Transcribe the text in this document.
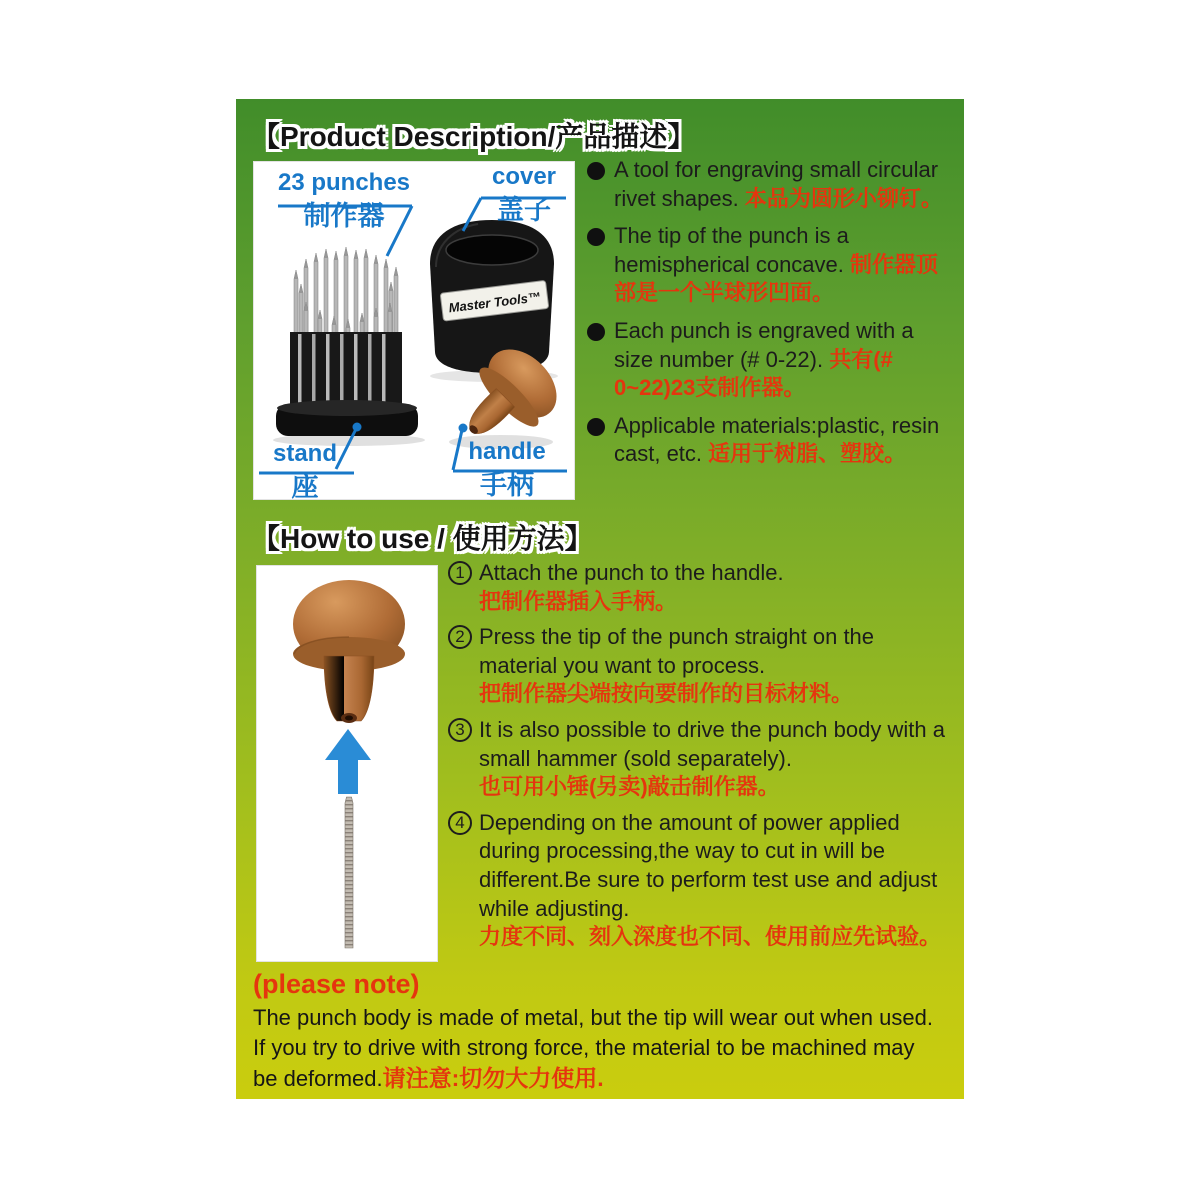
【Product Description/产品描述】
Master Tools™
23 punches
制作器
cover
盖子
stand
座
handle
手柄

A tool for engraving small circular rivet shapes. 本品为圆形小铆钉。

The tip of the punch is a hemispherical concave. 制作器顶部是一个半球形凹面。

Each punch is engraved with a size number (# 0-22). 共有(# 0~22)23支制作器。

Applicable materials:plastic, resin cast, etc. 适用于树脂、塑胶。

【How to use / 使用方法】
1 Attach the punch to the handle.
把制作器插入手柄。

2 Press the tip of the punch straight on the material you want to process.
把制作器尖端按向要制作的目标材料。

3 It is also possible to drive the punch body with a small hammer (sold separately).
也可用小锤(另卖)敲击制作器。

4 Depending on the amount of power applied during processing,the way to cut in will be different.Be sure to perform test use and adjust while adjusting.
力度不同、刻入深度也不同、使用前应先试验。

(please note)
The punch body is made of metal, but the tip will wear out when used.
If you try to drive with strong force, the material to be machined may
be deformed.请注意:切勿大力使用.
